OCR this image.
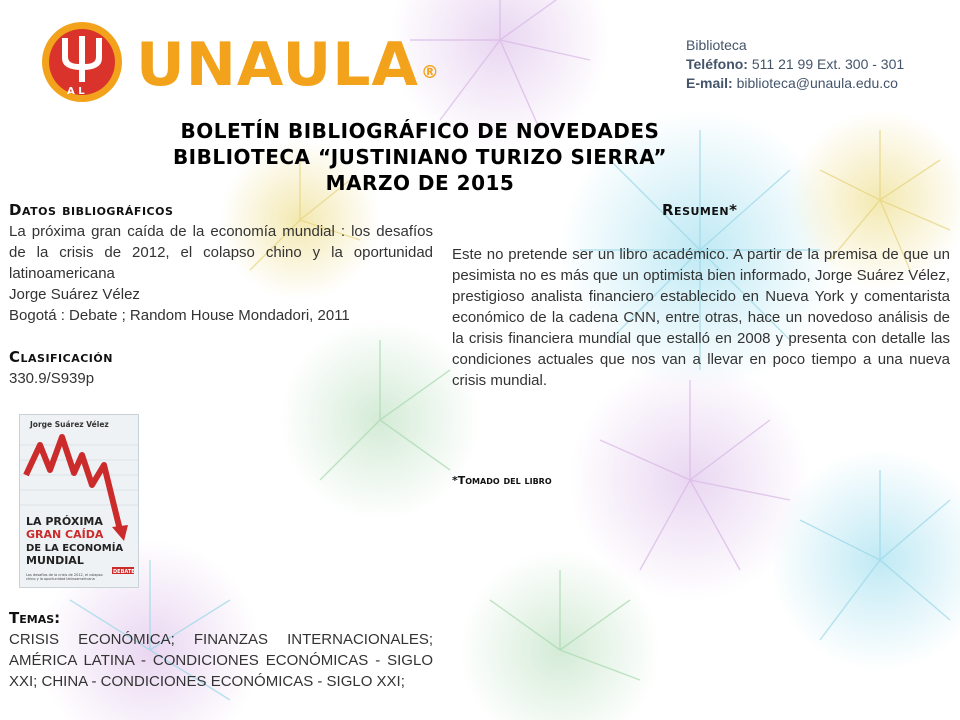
A L UNAULA ®
Biblioteca
Teléfono: 511 21 99 Ext. 300 - 301
E-mail: biblioteca@unaula.edu.co
BOLETÍN BIBLIOGRÁFICO DE NOVEDADES
BIBLIOTECA “JUSTINIANO TURIZO SIERRA”
MARZO DE 2015
Datos bibliográficos
La próxima gran caída de la economía mundial : los desafíos de la crisis de 2012, el colapso chino y la oportunidad latinoamericana
Jorge Suárez Vélez
Bogotá : Debate ; Random House Mondadori, 2011
Clasificación
330.9/S939p
Jorge Suárez Vélez
LA PRÓXIMA
GRAN CAÍDA
DE LA ECONOMÍA
MUNDIAL
DEBATE
Los desafíos de la crisis de 2012, el colapso chino y la oportunidad latinoamericana
Temas:
CRISIS ECONÓMICA; FINANZAS INTERNACIONALES; AMÉRICA LATINA - CONDICIONES ECONÓMICAS - SIGLO XXI; CHINA - CONDICIONES ECONÓMICAS - SIGLO XXI;
Resumen*
Este no pretende ser un libro académico. A partir de la premisa de que un pesimista no es más que un optimista bien informado, Jorge Suárez Vélez, prestigioso analista financiero establecido en Nueva York y comentarista económico de la cadena CNN, entre otras, hace un novedoso análisis de la crisis financiera mundial que estalló en 2008 y presenta con detalle las condiciones actuales que nos van a llevar en poco tiempo a una nueva crisis mundial.
*Tomado del libro
